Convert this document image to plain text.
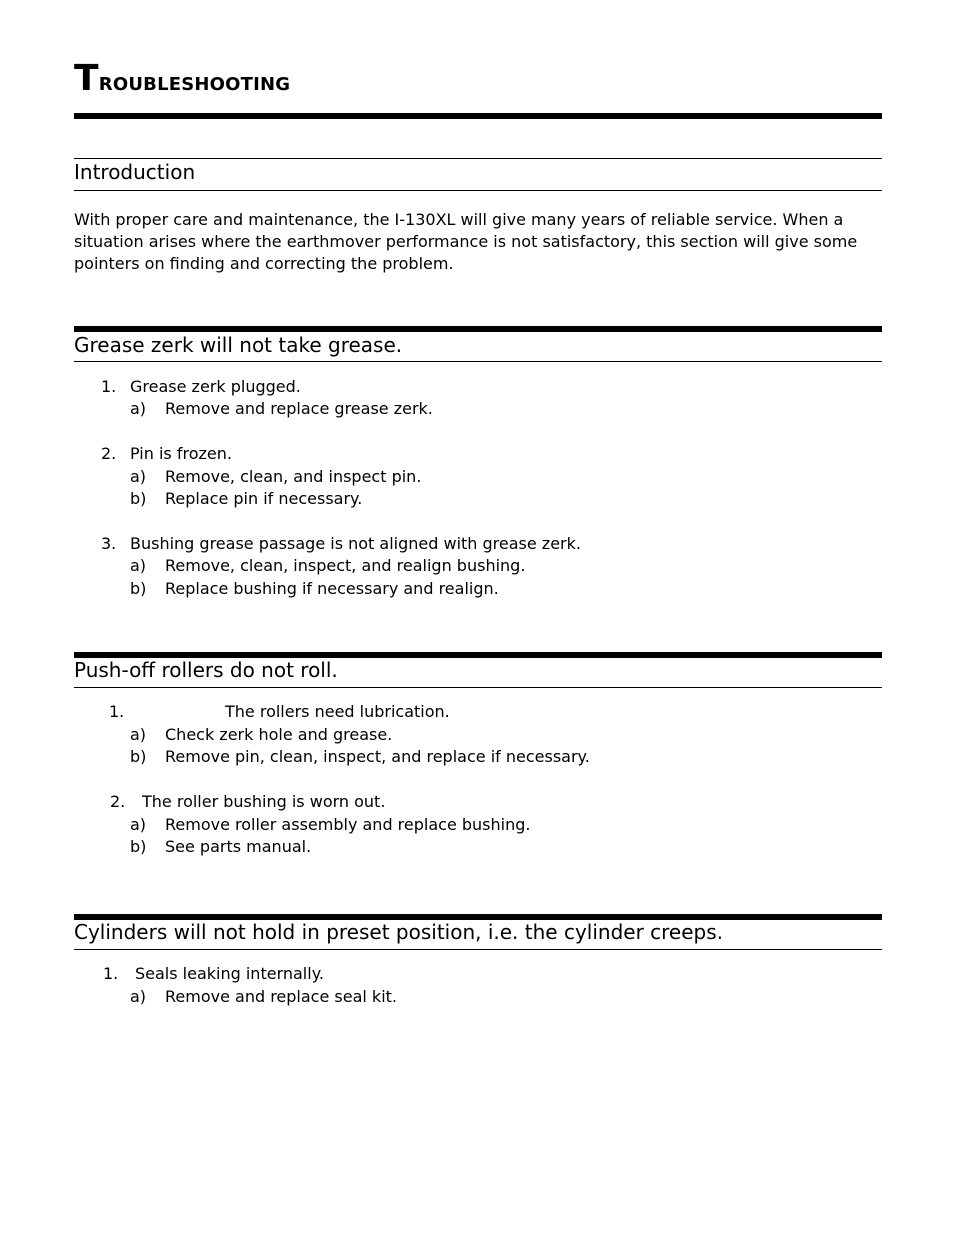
Troubleshooting
Introduction

With proper care and maintenance, the I-130XL will give many years of reliable service. When a situation arises where the earthmover performance is not satisfactory, this section will give some pointers on finding and correcting the problem.

Grease zerk will not take grease.
1. Grease zerk plugged.
a) Remove and replace grease zerk.
2. Pin is frozen.
a) Remove, clean, and inspect pin.
b) Replace pin if necessary.
3. Bushing grease passage is not aligned with grease zerk.
a) Remove, clean, inspect, and realign bushing.
b) Replace bushing if necessary and realign.
Push-off rollers do not roll.
1.	The rollers need lubrication.
a) Check zerk hole and grease.
b) Remove pin, clean, inspect, and replace if necessary.
2. The roller bushing is worn out.
a) Remove roller assembly and replace bushing.
b) See parts manual.
Cylinders will not hold in preset position, i.e. the cylinder creeps.
1. Seals leaking internally.
a) Remove and replace seal kit.
